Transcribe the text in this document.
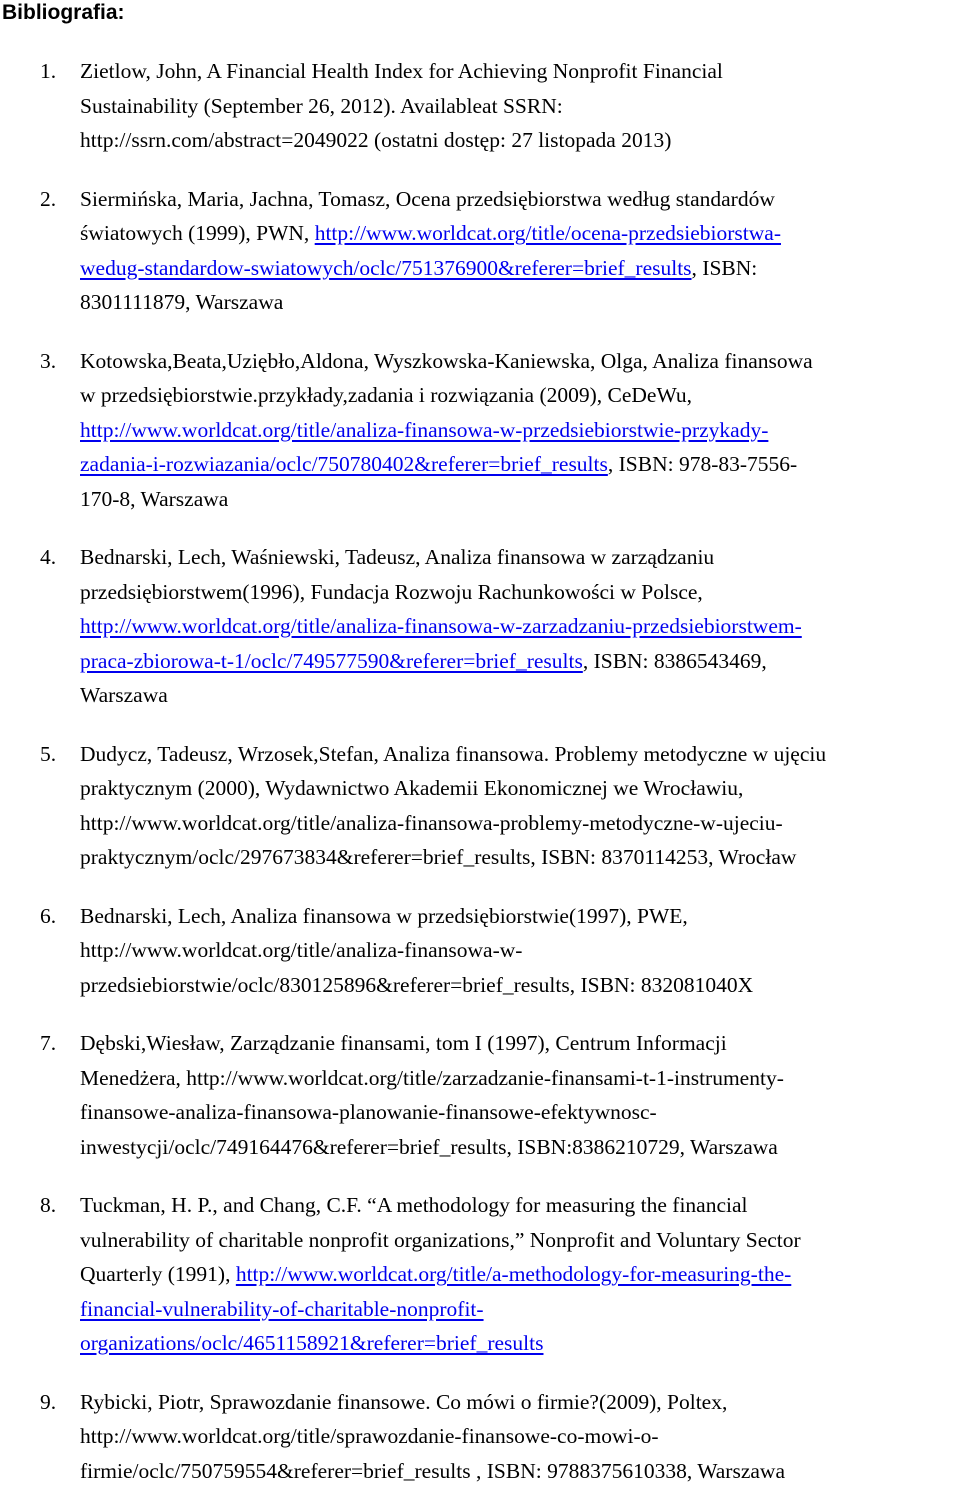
Bibliografia:
1. Zietlow, John, A Financial Health Index for Achieving Nonprofit Financial
Sustainability (September 26, 2012). Availableat SSRN:
http://ssrn.com/abstract=2049022 (ostatni dostęp: 27 listopada 2013)
2. Siermińska, Maria, Jachna, Tomasz, Ocena przedsiębiorstwa według standardów
światowych (1999), PWN, http://www.worldcat.org/title/ocena-przedsiebiorstwa-
wedug-standardow-swiatowych/oclc/751376900&referer=brief_results, ISBN:
8301111879, Warszawa
3. Kotowska,Beata,Uziębło,Aldona, Wyszkowska-Kaniewska, Olga, Analiza finansowa
w przedsiębiorstwie.przykłady,zadania i rozwiązania (2009), CeDeWu,
http://www.worldcat.org/title/analiza-finansowa-w-przedsiebiorstwie-przykady-
zadania-i-rozwiazania/oclc/750780402&referer=brief_results, ISBN: 978-83-7556-
170-8, Warszawa
4. Bednarski, Lech, Waśniewski, Tadeusz, Analiza finansowa w zarządzaniu
przedsiębiorstwem(1996), Fundacja Rozwoju Rachunkowości w Polsce,
http://www.worldcat.org/title/analiza-finansowa-w-zarzadzaniu-przedsiebiorstwem-
praca-zbiorowa-t-1/oclc/749577590&referer=brief_results, ISBN: 8386543469,
Warszawa
5. Dudycz, Tadeusz, Wrzosek,Stefan, Analiza finansowa. Problemy metodyczne w ujęciu
praktycznym (2000), Wydawnictwo Akademii Ekonomicznej we Wrocławiu,
http://www.worldcat.org/title/analiza-finansowa-problemy-metodyczne-w-ujeciu-
praktycznym/oclc/297673834&referer=brief_results, ISBN: 8370114253, Wrocław
6. Bednarski, Lech, Analiza finansowa w przedsiębiorstwie(1997), PWE,
http://www.worldcat.org/title/analiza-finansowa-w-
przedsiebiorstwie/oclc/830125896&referer=brief_results, ISBN: 832081040X
7. Dębski,Wiesław, Zarządzanie finansami, tom I (1997), Centrum Informacji
Menedżera, http://www.worldcat.org/title/zarzadzanie-finansami-t-1-instrumenty-
finansowe-analiza-finansowa-planowanie-finansowe-efektywnosc-
inwestycji/oclc/749164476&referer=brief_results, ISBN:8386210729, Warszawa
8. Tuckman, H. P., and Chang, C.F. “A methodology for measuring the financial
vulnerability of charitable nonprofit organizations,” Nonprofit and Voluntary Sector
Quarterly (1991), http://www.worldcat.org/title/a-methodology-for-measuring-the-
financial-vulnerability-of-charitable-nonprofit-
organizations/oclc/4651158921&referer=brief_results
9. Rybicki, Piotr, Sprawozdanie finansowe. Co mówi o firmie?(2009), Poltex,
http://www.worldcat.org/title/sprawozdanie-finansowe-co-mowi-o-
firmie/oclc/750759554&referer=brief_results , ISBN: 9788375610338, Warszawa
